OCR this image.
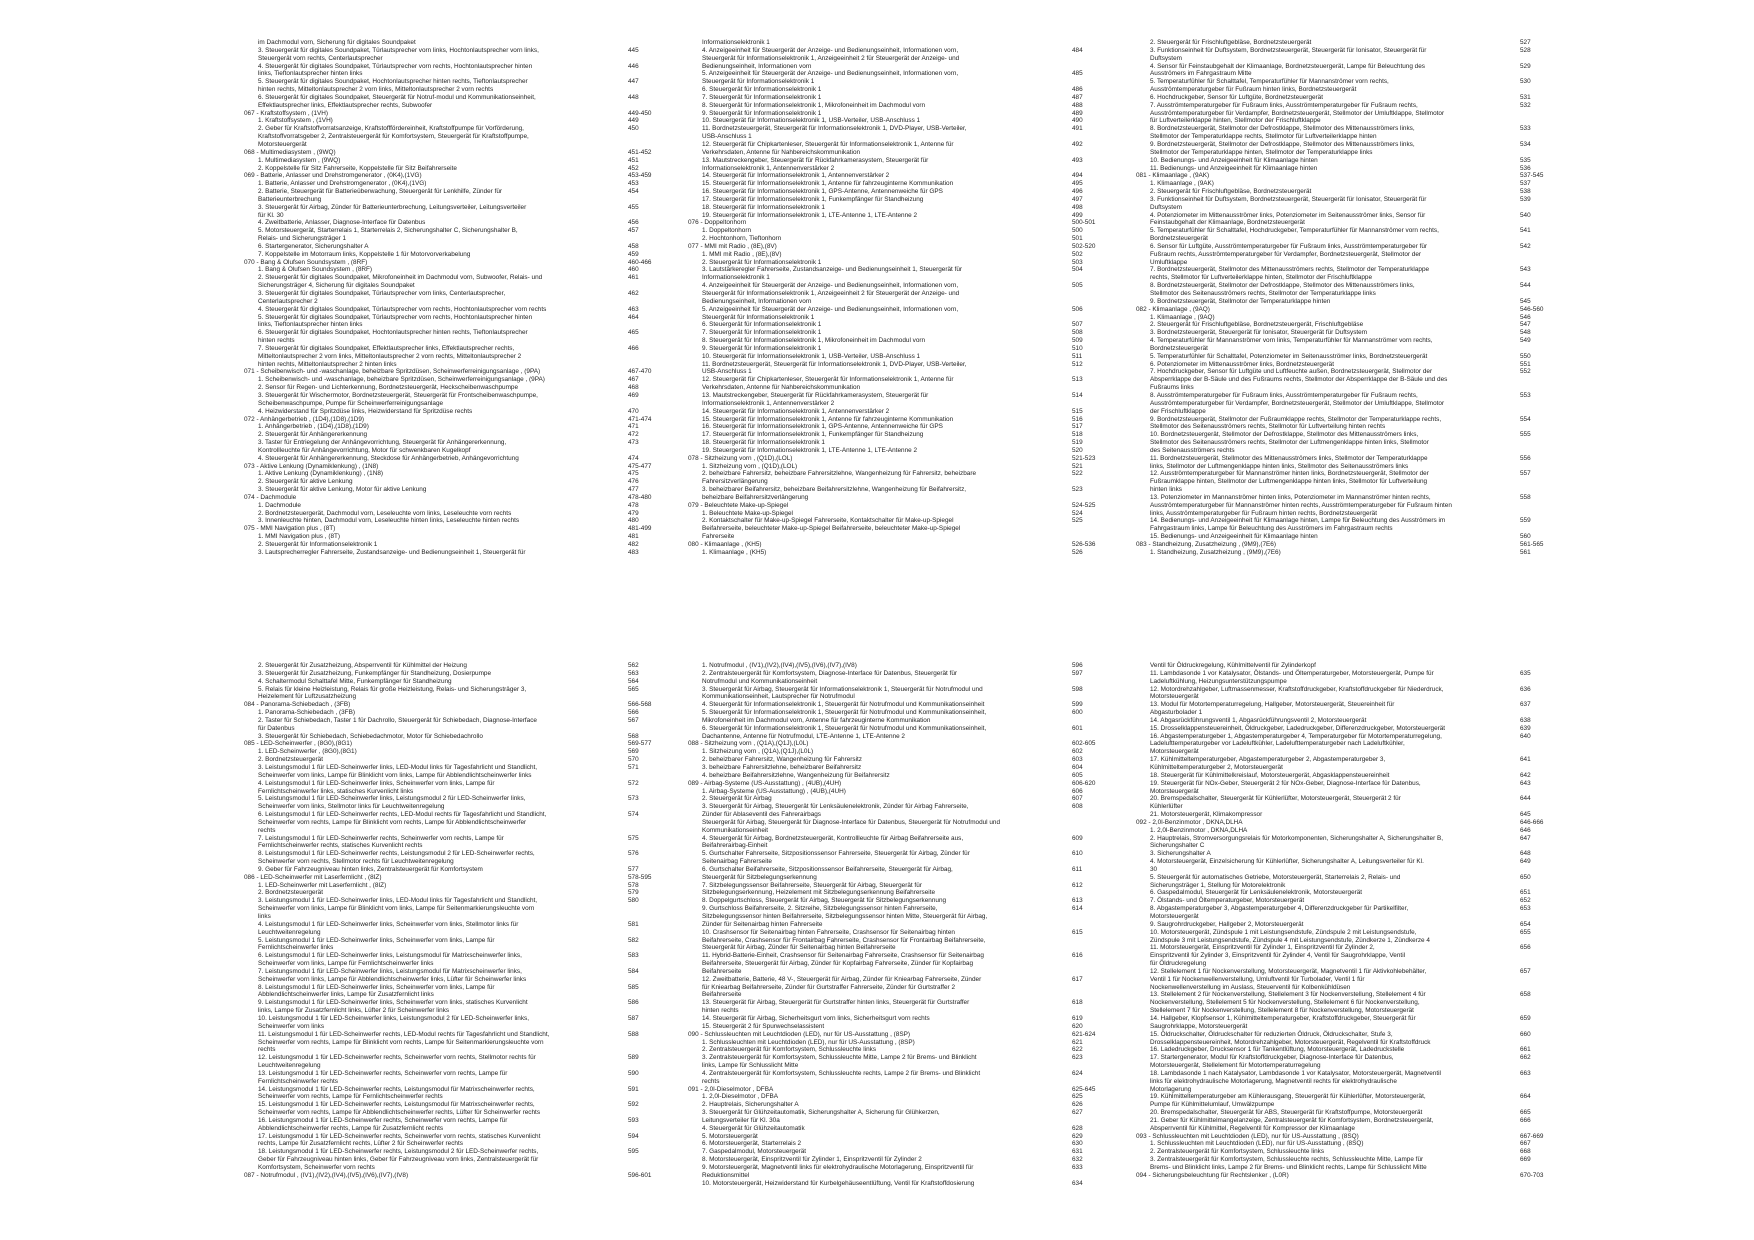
im Dachmodul vorn, Sicherung für digitales Soundpaket
3. Steuergerät für digitales Soundpaket, Türlautsprecher vorn links, Hochtonlautsprecher vorn links,	445
Steuergerät vorn rechts, Centerlautsprecher
4. Steuergerät für digitales Soundpaket, Türlautsprecher vorn rechts, Hochtonlautsprecher hinten	446
links, Tieftonlautsprecher hinten links
5. Steuergerät für digitales Soundpaket, Hochtonlautsprecher hinten rechts, Tieftonlautsprecher	447
hinten rechts, Mitteltonlautsprecher 2 vorn links, Mitteltonlautsprecher 2 vorn rechts
6. Steuergerät für digitales Soundpaket, Steuergerät für Notruf-modul und Kommunikationseinheit,	448
Effektlautsprecher links, Effektlautsprecher rechts, Subwoofer
067 - Kraftstoffsystem , (1VH)	449-450
1. Kraftstoffsystem , (1VH)	449
2. Geber für Kraftstoffvorratsanzeige, Kraftstofffördereinheit, Kraftstoffpumpe für Vorförderung,	450
Kraftstoffvorratsgeber 2, Zentralsteuergerät für Komfortsystem, Steuergerät für Kraftstoffpumpe,
Motorsteuergerät
068 - Multimediasystem , (9WQ)	451-452
1. Multimediasystem , (9WQ)	451
2. Koppelstelle für Sitz Fahrerseite, Koppelstelle für Sitz Beifahrerseite	452
069 - Batterie, Anlasser und Drehstromgenerator , (0K4),(1VG)	453-459
1. Batterie, Anlasser und Drehstromgenerator , (0K4),(1VG)	453
2. Batterie, Steuergerät für Batterieüberwachung, Steuergerät für Lenkhilfe, Zünder für	454
Batterieunterbrechung
3. Steuergerät für Airbag, Zünder für Batterieunterbrechung, Leitungsverteiler, Leitungsverteiler	455
für Kl. 30
4. Zweitbatterie, Anlasser, Diagnose-Interface für Datenbus	456
5. Motorsteuergerät, Starterrelais 1, Starterrelais 2, Sicherungshalter C, Sicherungshalter B,	457
Relais- und Sicherungsträger 1
6. Startergenerator, Sicherungshalter A	458
7. Koppelstelle im Motorraum links, Koppelstelle 1 für Motorvorverkabelung	459
070 - Bang & Olufsen Soundsystem , (8RF)	460-466
1. Bang & Olufsen Soundsystem , (8RF)	460
2. Steuergerät für digitales Soundpaket, Mikrofoneinheit im Dachmodul vorn, Subwoofer, Relais- und	461
Sicherungsträger 4, Sicherung für digitales Soundpaket
3. Steuergerät für digitales Soundpaket, Türlautsprecher vorn links, Centerlautsprecher,	462
Centerlautsprecher 2
4. Steuergerät für digitales Soundpaket, Türlautsprecher vorn rechts, Hochtonlautsprecher vorn rechts	463
5. Steuergerät für digitales Soundpaket, Türlautsprecher vorn rechts, Hochtonlautsprecher hinten	464
links, Tieftonlautsprecher hinten links
6. Steuergerät für digitales Soundpaket, Hochtonlautsprecher hinten rechts, Tieftonlautsprecher	465
hinten rechts
7. Steuergerät für digitales Soundpaket, Effektlautsprecher links, Effektlautsprecher rechts,	466
Mitteltonlautsprecher 2 vorn links, Mitteltonlautsprecher 2 vorn rechts, Mitteltonlautsprecher 2
hinten rechts, Mitteltonlautsprecher 2 hinten links
071 - Scheibenwisch- und -waschanlage, beheizbare Spritzdüsen, Scheinwerferreinigungsanlage , (9PA)	467-470
1. Scheibenwisch- und -waschanlage, beheizbare Spritzdüsen, Scheinwerferreinigungsanlage , (9PA)	467
2. Sensor für Regen- und Lichterkennung, Bordnetzsteuergerät, Heckscheibenwaschpumpe	468
3. Steuergerät für Wischermotor, Bordnetzsteuergerät, Steuergerät für Frontscheibenwaschpumpe,	469
Scheibenwaschpumpe, Pumpe für Scheinwerferreinigungsanlage
4. Heizwiderstand für Spritzdüse links, Heizwiderstand für Spritzdüse rechts	470
072 - Anhängerbetrieb , (1D4),(1D8),(1D9)	471-474
1. Anhängerbetrieb , (1D4),(1D8),(1D9)	471
2. Steuergerät für Anhängererkennung	472
3. Taster für Entriegelung der Anhängevorrichtung, Steuergerät für Anhängererkennung,	473
Kontrollleuchte für Anhängevorrichtung, Motor für schwenkbaren Kugelkopf
4. Steuergerät für Anhängererkennung, Steckdose für Anhängerbetrieb, Anhängevorrichtung	474
073 - Aktive Lenkung (Dynamiklenkung) , (1N8)	475-477
1. Aktive Lenkung (Dynamiklenkung) , (1N8)	475
2. Steuergerät für aktive Lenkung	476
3. Steuergerät für aktive Lenkung, Motor für aktive Lenkung	477
074 - Dachmodule	478-480
1. Dachmodule	478
2. Bordnetzsteuergerät, Dachmodul vorn, Leseleuchte vorn links, Leseleuchte vorn rechts	479
3. Innenleuchte hinten, Dachmodul vorn, Leseleuchte hinten links, Leseleuchte hinten rechts	480
075 - MMI Navigation plus , (8T)	481-499
1. MMI Navigation plus , (8T)	481
2. Steuergerät für Informationselektronik 1	482
3. Lautsprecherregler Fahrerseite, Zustandsanzeige- und Bedienungseinheit 1, Steuergerät für	483
Informationselektronik 1
4. Anzeigeeinheit für Steuergerät der Anzeige- und Bedienungseinheit, Informationen vorn,	484
Steuergerät für Informationselektronik 1, Anzeigeeinheit 2 für Steuergerät der Anzeige- und
Bedienungseinheit, Informationen vorn
5. Anzeigeeinheit für Steuergerät der Anzeige- und Bedienungseinheit, Informationen vorn,	485
Steuergerät für Informationselektronik 1
6. Steuergerät für Informationselektronik 1	486
7. Steuergerät für Informationselektronik 1	487
8. Steuergerät für Informationselektronik 1, Mikrofoneinheit im Dachmodul vorn	488
9. Steuergerät für Informationselektronik 1	489
10. Steuergerät für Informationselektronik 1, USB-Verteiler, USB-Anschluss 1	490
11. Bordnetzsteuergerät, Steuergerät für Informationselektronik 1, DVD-Player, USB-Verteiler,	491
USB-Anschluss 1
12. Steuergerät für Chipkartenleser, Steuergerät für Informationselektronik 1, Antenne für	492
Verkehrsdaten, Antenne für Nahbereichskommunikation
13. Mautstreckengeber, Steuergerät für Rückfahrkamerasystem, Steuergerät für	493
Informationselektronik 1, Antennenverstärker 2
14. Steuergerät für Informationselektronik 1, Antennenverstärker 2	494
15. Steuergerät für Informationselektronik 1, Antenne für fahrzeuginterne Kommunikation	495
16. Steuergerät für Informationselektronik 1, GPS-Antenne, Antennenweiche für GPS	496
17. Steuergerät für Informationselektronik 1, Funkempfänger für Standheizung	497
18. Steuergerät für Informationselektronik 1	498
19. Steuergerät für Informationselektronik 1, LTE-Antenne 1, LTE-Antenne 2	499
076 - Doppeltonhorn	500-501
1. Doppeltonhorn	500
2. Hochtonhorn, Tieftonhorn	501
077 - MMI mit Radio , (8E),(8V)	502-520
1. MMI mit Radio , (8E),(8V)	502
2. Steuergerät für Informationselektronik 1	503
3. Lautstärkeregler Fahrerseite, Zustandsanzeige- und Bedienungseinheit 1, Steuergerät für	504
Informationselektronik 1
4. Anzeigeeinheit für Steuergerät der Anzeige- und Bedienungseinheit, Informationen vorn,	505
Steuergerät für Informationselektronik 1, Anzeigeeinheit 2 für Steuergerät der Anzeige- und
Bedienungseinheit, Informationen vorn
5. Anzeigeeinheit für Steuergerät der Anzeige- und Bedienungseinheit, Informationen vorn,	506
Steuergerät für Informationselektronik 1
6. Steuergerät für Informationselektronik 1	507
7. Steuergerät für Informationselektronik 1	508
8. Steuergerät für Informationselektronik 1, Mikrofoneinheit im Dachmodul vorn	509
9. Steuergerät für Informationselektronik 1	510
10. Steuergerät für Informationselektronik 1, USB-Verteiler, USB-Anschluss 1	511
11. Bordnetzsteuergerät, Steuergerät für Informationselektronik 1, DVD-Player, USB-Verteiler,	512
USB-Anschluss 1
12. Steuergerät für Chipkartenleser, Steuergerät für Informationselektronik 1, Antenne für	513
Verkehrsdaten, Antenne für Nahbereichskommunikation
13. Mautstreckengeber, Steuergerät für Rückfahrkamerasystem, Steuergerät für	514
Informationselektronik 1, Antennenverstärker 2
14. Steuergerät für Informationselektronik 1, Antennenverstärker 2	515
15. Steuergerät für Informationselektronik 1, Antenne für fahrzeuginterne Kommunikation	516
16. Steuergerät für Informationselektronik 1, GPS-Antenne, Antennenweiche für GPS	517
17. Steuergerät für Informationselektronik 1, Funkempfänger für Standheizung	518
18. Steuergerät für Informationselektronik 1	519
19. Steuergerät für Informationselektronik 1, LTE-Antenne 1, LTE-Antenne 2	520
078 - Sitzheizung vorn , (Q1D),(LOL)	521-523
1. Sitzheizung vorn , (Q1D),(LOL)	521
2. beheizbare Fahrersitz, beheizbare Fahrersitzlehne, Wangenheizung für Fahrersitz, beheizbare	522
Fahrersitzverlängerung
3. beheizbarer Beifahrersitz, beheizbare Beifahrersitzlehne, Wangenheizung für Beifahrersitz,	523
beheizbare Beifahrersitzverlängerung
079 - Beleuchtete Make-up-Spiegel	524-525
1. Beleuchtete Make-up-Spiegel	524
2. Kontaktschalter für Make-up-Spiegel Fahrerseite, Kontaktschalter für Make-up-Spiegel	525
Beifahrerseite, beleuchteter Make-up-Spiegel Beifahrerseite, beleuchteter Make-up-Spiegel
Fahrerseite
080 - Klimaanlage , (KH5)	526-536
1. Klimaanlage , (KH5)	526
2. Steuergerät für Frischluftgebläse, Bordnetzsteuergerät	527
3. Funktionseinheit für Duftsystem, Bordnetzsteuergerät, Steuergerät für Ionisator, Steuergerät für	528
Duftsystem
4. Sensor für Feinstaubgehalt der Klimaanlage, Bordnetzsteuergerät, Lampe für Beleuchtung des	529
Ausströmers im Fahrgastraum Mitte
5. Temperaturfühler für Schalttafel, Temperaturfühler für Mannanströmer vorn rechts,	530
Ausströmtemperaturgeber für Fußraum hinten links, Bordnetzsteuergerät
6. Hochdruckgeber, Sensor für Luftgüte, Bordnetzsteuergerät	531
7. Ausströmtemperaturgeber für Fußraum links, Ausströmtemperaturgeber für Fußraum rechts,	532
Ausströmtemperaturgeber für Verdampfer, Bordnetzsteuergerät, Stellmotor der Umluftklappe, Stellmotor
für Luftverteilerklappe hinten, Stellmotor der Frischluftklappe
8. Bordnetzsteuergerät, Stellmotor der Defrostklappe, Stellmotor des Mittenausströmers links,	533
Stellmotor der Temperaturklappe rechts, Stellmotor für Luftverteilerklappe hinten
9. Bordnetzsteuergerät, Stellmotor der Defrostklappe, Stellmotor des Mittenausströmers links,	534
Stellmotor der Temperaturklappe hinten, Stellmotor der Temperaturklappe links
10. Bedienungs- und Anzeigeeinheit für Klimaanlage hinten	535
11. Bedienungs- und Anzeigeeinheit für Klimaanlage hinten	536
081 - Klimaanlage , (9AK)	537-545
1. Klimaanlage , (9AK)	537
2. Steuergerät für Frischluftgebläse, Bordnetzsteuergerät	538
3. Funktionseinheit für Duftsystem, Bordnetzsteuergerät, Steuergerät für Ionisator, Steuergerät für	539
Duftsystem
4. Potenziometer im Mittenausströmer links, Potenziometer im Seitenausströmer links, Sensor für	540
Feinstaubgehalt der Klimaanlage, Bordnetzsteuergerät
5. Temperaturfühler für Schalttafel, Hochdruckgeber, Temperaturfühler für Mannanströmer vorn rechts,	541
Bordnetzsteuergerät
6. Sensor für Luftgüte, Ausströmtemperaturgeber für Fußraum links, Ausströmtemperaturgeber für	542
Fußraum rechts, Ausströmtemperaturgeber für Verdampfer, Bordnetzsteuergerät, Stellmotor der
Umluftklappe
7. Bordnetzsteuergerät, Stellmotor des Mittenausströmers rechts, Stellmotor der Temperaturklappe	543
rechts, Stellmotor für Luftverteilerklappe hinten, Stellmotor der Frischluftklappe
8. Bordnetzsteuergerät, Stellmotor der Defrostklappe, Stellmotor des Mittenausströmers links,	544
Stellmotor des Seitenausströmers rechts, Stellmotor der Temperaturklappe links
9. Bordnetzsteuergerät, Stellmotor der Temperaturklappe hinten	545
082 - Klimaanlage , (9AQ)	546-560
1. Klimaanlage , (9AQ)	546
2. Steuergerät für Frischluftgebläse, Bordnetzsteuergerät, Frischluftgebläse	547
3. Bordnetzsteuergerät, Steuergerät für Ionisator, Steuergerät für Duftsystem	548
4. Temperaturfühler für Mannanströmer vorn links, Temperaturfühler für Mannanströmer vorn rechts,	549
Bordnetzsteuergerät
5. Temperaturfühler für Schalttafel, Potenziometer im Seitenausströmer links, Bordnetzsteuergerät	550
6. Potenziometer im Mittenausströmer links, Bordnetzsteuergerät	551
7. Hochdruckgeber, Sensor für Luftgüte und Luftfeuchte außen, Bordnetzsteuergerät, Stellmotor der	552
Absperrklappe der B-Säule und des Fußraums rechts, Stellmotor der Absperrklappe der B-Säule und des
Fußraums links
8. Ausströmtemperaturgeber für Fußraum links, Ausströmtemperaturgeber für Fußraum rechts,	553
Ausströmtemperaturgeber für Verdampfer, Bordnetzsteuergerät, Stellmotor der Umluftklappe, Stellmotor
der Frischluftklappe
9. Bordnetzsteuergerät, Stellmotor der Fußraumklappe rechts, Stellmotor der Temperaturklappe rechts,	554
Stellmotor des Seitenausströmers rechts, Stellmotor für Luftverteilung hinten rechts
10. Bordnetzsteuergerät, Stellmotor der Defrostklappe, Stellmotor des Mittenausströmers links,	555
Stellmotor des Seitenausströmers rechts, Stellmotor der Luftmengenklappe hinten links, Stellmotor
des Seitenausströmers rechts
11. Bordnetzsteuergerät, Stellmotor des Mittenausströmers links, Stellmotor der Temperaturklappe	556
links, Stellmotor der Luftmengenklappe hinten links, Stellmotor des Seitenausströmers links
12. Ausströmtemperaturgeber für Mannanströmer hinten links, Bordnetzsteuergerät, Stellmotor der	557
Fußraumklappe hinten, Stellmotor der Luftmengenklappe hinten links, Stellmotor für Luftverteilung
hinten links
13. Potenziometer im Mannanströmer hinten links, Potenziometer im Mannanströmer hinten rechts,	558
Ausströmtemperaturgeber für Mannanströmer hinten rechts, Ausströmtemperaturgeber für Fußraum hinten
links, Ausströmtemperaturgeber für Fußraum hinten rechts, Bordnetzsteuergerät
14. Bedienungs- und Anzeigeeinheit für Klimaanlage hinten, Lampe für Beleuchtung des Ausströmers im	559
Fahrgastraum links, Lampe für Beleuchtung des Ausströmers im Fahrgastraum rechts
15. Bedienungs- und Anzeigeeinheit für Klimaanlage hinten	560
083 - Standheizung, Zusatzheizung , (9M9),(7E6)	561-565
1. Standheizung, Zusatzheizung , (9M9),(7E6)	561
2. Steuergerät für Zusatzheizung, Absperrventil für Kühlmittel der Heizung	562
3. Steuergerät für Zusatzheizung, Funkempfänger für Standheizung, Dosierpumpe	563
4. Schaltermodul Schalttafel Mitte, Funkempfänger für Standheizung	564
5. Relais für kleine Heizleistung, Relais für große Heizleistung, Relais- und Sicherungsträger 3,	565
Heizelement für Luftzusatzheizung
084 - Panorama-Schiebedach , (3FB)	566-568
1. Panorama-Schiebedach , (3FB)	566
2. Taster für Schiebedach, Taster 1 für Dachrollo, Steuergerät für Schiebedach, Diagnose-Interface	567
für Datenbus
3. Steuergerät für Schiebedach, Schiebedachmotor, Motor für Schiebedachrollo	568
085 - LED-Scheinwerfer , (8G0),(8G1)	569-577
1. LED-Scheinwerfer , (8G0),(8G1)	569
2. Bordnetzsteuergerät	570
3. Leistungsmodul 1 für LED-Scheinwerfer links, LED-Modul links für Tagesfahrlicht und Standlicht,	571
Scheinwerfer vorn links, Lampe für Blinklicht vorn links, Lampe für Abblendlichtscheinwerfer links
4. Leistungsmodul 1 für LED-Scheinwerfer links, Scheinwerfer vorn links, Lampe für	572
Fernlichtscheinwerfer links, statisches Kurvenlicht links
5. Leistungsmodul 1 für LED-Scheinwerfer links, Leistungsmodul 2 für LED-Scheinwerfer links,	573
Scheinwerfer vorn links, Stellmotor links für Leuchtweitenregelung
6. Leistungsmodul 1 für LED-Scheinwerfer rechts, LED-Modul rechts für Tagesfahrlicht und Standlicht,	574
Scheinwerfer vorn rechts, Lampe für Blinklicht vorn rechts, Lampe für Abblendlichtscheinwerfer
rechts
7. Leistungsmodul 1 für LED-Scheinwerfer rechts, Scheinwerfer vorn rechts, Lampe für	575
Fernlichtscheinwerfer rechts, statisches Kurvenlicht rechts
8. Leistungsmodul 1 für LED-Scheinwerfer rechts, Leistungsmodul 2 für LED-Scheinwerfer rechts,	576
Scheinwerfer vorn rechts, Stellmotor rechts für Leuchtweitenregelung
9. Geber für Fahrzeugniveau hinten links, Zentralsteuergerät für Komfortsystem	577
086 - LED-Scheinwerfer mit Laserfernlicht , (8IZ)	578-595
1. LED-Scheinwerfer mit Laserfernlicht , (8IZ)	578
2. Bordnetzsteuergerät	579
3. Leistungsmodul 1 für LED-Scheinwerfer links, LED-Modul links für Tagesfahrlicht und Standlicht,	580
Scheinwerfer vorn links, Lampe für Blinklicht vorn links, Lampe für Seitenmarkierungsleuchte vorn
links
4. Leistungsmodul 1 für LED-Scheinwerfer links, Scheinwerfer vorn links, Stellmotor links für	581
Leuchtweitenregelung
5. Leistungsmodul 1 für LED-Scheinwerfer links, Scheinwerfer vorn links, Lampe für	582
Fernlichtscheinwerfer links
6. Leistungsmodul 1 für LED-Scheinwerfer links, Leistungsmodul für Matrixscheinwerfer links,	583
Scheinwerfer vorn links, Lampe für Fernlichtscheinwerfer links
7. Leistungsmodul 1 für LED-Scheinwerfer links, Leistungsmodul für Matrixscheinwerfer links,	584
Scheinwerfer vorn links, Lampe für Abblendlichtscheinwerfer links, Lüfter für Scheinwerfer links
8. Leistungsmodul 1 für LED-Scheinwerfer links, Scheinwerfer vorn links, Lampe für	585
Abblendlichtscheinwerfer links, Lampe für Zusatzfernlicht links
9. Leistungsmodul 1 für LED-Scheinwerfer links, Scheinwerfer vorn links, statisches Kurvenlicht	586
links, Lampe für Zusatzfernlicht links, Lüfter 2 für Scheinwerfer links
10. Leistungsmodul 1 für LED-Scheinwerfer links, Leistungsmodul 2 für LED-Scheinwerfer links,	587
Scheinwerfer vorn links
11. Leistungsmodul 1 für LED-Scheinwerfer rechts, LED-Modul rechts für Tagesfahrlicht und Standlicht,	588
Scheinwerfer vorn rechts, Lampe für Blinklicht vorn rechts, Lampe für Seitenmarkierungsleuchte vorn
rechts
12. Leistungsmodul 1 für LED-Scheinwerfer rechts, Scheinwerfer vorn rechts, Stellmotor rechts für	589
Leuchtweitenregelung
13. Leistungsmodul 1 für LED-Scheinwerfer rechts, Scheinwerfer vorn rechts, Lampe für	590
Fernlichtscheinwerfer rechts
14. Leistungsmodul 1 für LED-Scheinwerfer rechts, Leistungsmodul für Matrixscheinwerfer rechts,	591
Scheinwerfer vorn rechts, Lampe für Fernlichtscheinwerfer rechts
15. Leistungsmodul 1 für LED-Scheinwerfer rechts, Leistungsmodul für Matrixscheinwerfer rechts,	592
Scheinwerfer vorn rechts, Lampe für Abblendlichtscheinwerfer rechts, Lüfter für Scheinwerfer rechts
16. Leistungsmodul 1 für LED-Scheinwerfer rechts, Scheinwerfer vorn rechts, Lampe für	593
Abblendlichtscheinwerfer rechts, Lampe für Zusatzfernlicht rechts
17. Leistungsmodul 1 für LED-Scheinwerfer rechts, Scheinwerfer vorn rechts, statisches Kurvenlicht	594
rechts, Lampe für Zusatzfernlicht rechts, Lüfter 2 für Scheinwerfer rechts
18. Leistungsmodul 1 für LED-Scheinwerfer rechts, Leistungsmodul 2 für LED-Scheinwerfer rechts,	595
Geber für Fahrzeugniveau hinten links, Geber für Fahrzeugniveau vorn links, Zentralsteuergerät für
Komfortsystem, Scheinwerfer vorn rechts
087 - Notrufmodul , (IV1),(IV2),(IV4),(IV5),(IV6),(IV7),(IV8)	596-601
1. Notrufmodul , (IV1),(IV2),(IV4),(IV5),(IV6),(IV7),(IV8)	596
2. Zentralsteuergerät für Komfortsystem, Diagnose-Interface für Datenbus, Steuergerät für	597
Notrufmodul und Kommunikationseinheit
3. Steuergerät für Airbag, Steuergerät für Informationselektronik 1, Steuergerät für Notrufmodul und	598
Kommunikationseinheit, Lautsprecher für Notrufmodul
4. Steuergerät für Informationselektronik 1, Steuergerät für Notrufmodul und Kommunikationseinheit	599
5. Steuergerät für Informationselektronik 1, Steuergerät für Notrufmodul und Kommunikationseinheit,	600
Mikrofoneinheit im Dachmodul vorn, Antenne für fahrzeuginterne Kommunikation
6. Steuergerät für Informationselektronik 1, Steuergerät für Notrufmodul und Kommunikationseinheit,	601
Dachantenne, Antenne für Notrufmodul, LTE-Antenne 1, LTE-Antenne 2
088 - Sitzheizung vorn , (Q1A),(Q1J),(L0L)	602-605
1. Sitzheizung vorn , (Q1A),(Q1J),(L0L)	602
2. beheizbarer Fahrersitz, Wangenheizung für Fahrersitz	603
3. beheizbare Fahrersitzlehne, beheizbarer Beifahrersitz	604
4. beheizbare Beifahrersitzlehne, Wangenheizung für Beifahrersitz	605
089 - Airbag-Systeme (US-Ausstattung) , (4UB),(4UH)	606-620
1. Airbag-Systeme (US-Ausstattung) , (4UB),(4UH)	606
2. Steuergerät für Airbag	607
3. Steuergerät für Airbag, Steuergerät für Lenksäulenelektronik, Zünder für Airbag Fahrerseite,	608
Zünder für Ablaseventil des Fahrerairbags
Steuergerät für Airbag, Steuergerät für Diagnose-Interface für Datenbus, Steuergerät für Notrufmodul und
Kommunikationseinheit
4. Steuergerät für Airbag, Bordnetzsteuergerät, Kontrollleuchte für Airbag Beifahrerseite aus,	609
Beifahrerairbag-Einheit
5. Gurtschalter Fahrerseite, Sitzpositionssensor Fahrerseite, Steuergerät für Airbag, Zünder für	610
Seitenairbag Fahrerseite
6. Gurtschalter Beifahrerseite, Sitzpositionssensor Beifahrerseite, Steuergerät für Airbag,	611
Steuergerät für Sitzbelegungserkennung
7. Sitzbelegungssensor Beifahrerseite, Steuergerät für Airbag, Steuergerät für	612
Sitzbelegungserkennung, Heizelement mit Sitzbelegungserkennung Beifahrerseite
8. Doppelgurtschloss, Steuergerät für Airbag, Steuergerät für Sitzbelegungserkennung	613
9. Gurtschloss Beifahrerseite, 2. Sitzreihe, Sitzbelegungssensor hinten Fahrerseite,	614
Sitzbelegungssensor hinten Beifahrerseite, Sitzbelegungssensor hinten Mitte, Steuergerät für Airbag,
Zünder für Seitenairbag hinten Fahrerseite
10. Crashsensor für Seitenairbag hinten Fahrerseite, Crashsensor für Seitenairbag hinten	615
Beifahrerseite, Crashsensor für Frontairbag Fahrerseite, Crashsensor für Frontairbag Beifahrerseite,
Steuergerät für Airbag, Zünder für Seitenairbag hinten Beifahrerseite
11. Hybrid-Batterie-Einheit, Crashsensor für Seitenairbag Fahrerseite, Crashsensor für Seitenairbag	616
Beifahrerseite, Steuergerät für Airbag, Zünder für Kopfairbag Fahrerseite, Zünder für Kopfairbag
Beifahrerseite
12. Zweitbatterie, Batterie, 48 V-, Steuergerät für Airbag, Zünder für Kniearbag Fahrerseite, Zünder	617
für Kniearbag Beifahrerseite, Zünder für Gurtstraffer Fahrerseite, Zünder für Gurtstraffer 2
Beifahrerseite
13. Steuergerät für Airbag, Steuergerät für Gurtstraffer hinten links, Steuergerät für Gurtstraffer	618
hinten rechts
14. Steuergerät für Airbag, Sicherheitsgurt vorn links, Sicherheitsgurt vorn rechts	619
15. Steuergerät 2 für Spurwechselassistent	620
090 - Schlussleuchten mit Leuchtdioden (LED), nur für US-Ausstattung , (8SP)	621-624
1. Schlussleuchten mit Leuchtdioden (LED), nur für US-Ausstattung , (8SP)	621
2. Zentralsteuergerät für Komfortsystem, Schlussleuchte links	622
3. Zentralsteuergerät für Komfortsystem, Schlussleuchte Mitte, Lampe 2 für Brems- und Blinklicht	623
links, Lampe für Schlusslicht Mitte
4. Zentralsteuergerät für Komfortsystem, Schlussleuchte rechts, Lampe 2 für Brems- und Blinklicht	624
rechts
091 - 2,0l-Dieselmotor , DFBA	625-645
1. 2,0l-Dieselmotor , DFBA	625
2. Hauptrelais, Sicherungshalter A	626
3. Steuergerät für Glühzeitautomatik, Sicherungshalter A, Sicherung für Glühkerzen,	627
Leitungsverteiler für Kl. 30a
4. Steuergerät für Glühzeitautomatik	628
5. Motorsteuergerät	629
6. Motorsteuergerät, Starterrelais 2	630
7. Gaspedalmodul, Motorsteuergerät	631
8. Motorsteuergerät, Einspritzventil für Zylinder 1, Einspritzventil für Zylinder 2	632
9. Motorsteuergerät, Magnetventil links für elektrohydraulische Motorlagerung, Einspritzventil für	633
Reduktionsmittel
10. Motorsteuergerät, Heizwiderstand für Kurbelgehäuseentlüftung, Ventil für Kraftstoffdosierung	634
Ventil für Öldruckregelung, Kühlmittelventil für Zylinderkopf
11. Lambdasonde 1 vor Katalysator, Ölstands- und Öltemperaturgeber, Motorsteuergerät, Pumpe für	635
Ladeluftkühlung, Heizungsunterstützungspumpe
12. Motordrehzahlgeber, Luftmassenmesser, Kraftstoffdruckgeber, Kraftstoffdruckgeber für Niederdruck,	636
Motorsteuergerät
13. Modul für Motortemperaturregelung, Hallgeber, Motorsteuergerät, Steuereinheit für	637
Abgasturbolader 1
14. Abgasrückführungsventil 1, Abgasrückführungsventil 2, Motorsteuergerät	638
15. Drosselklappensteuereinheit, Öldruckgeber, Ladedruckgeber, Differenzdruckgeber, Motorsteuergerät	639
16. Abgastemperaturgeber 1, Abgastemperaturgeber 4, Temperaturgeber für Motortemperaturregelung,	640
Ladelufttemperaturgeber vor Ladeluftkühler, Ladelufttemperaturgeber nach Ladeluftkühler,
Motorsteuergerät
17. Kühlmitteltemperaturgeber, Abgastemperaturgeber 2, Abgastemperaturgeber 3,	641
Kühlmitteltemperaturgeber 2, Motorsteuergerät
18. Steuergerät für Kühlmittelkreislauf, Motorsteuergerät, Abgasklappensteuereinheit	642
19. Steuergerät für NOx-Geber, Steuergerät 2 für NOx-Geber, Diagnose-Interface für Datenbus,	643
Motorsteuergerät
20. Bremspedalschalter, Steuergerät für Kühlerlüfter, Motorsteuergerät, Steuergerät 2 für	644
Kühlerlüfter
21. Motorsteuergerät, Klimakompressor	645
092 - 2,0l-Benzinmotor , DKNA,DLHA	646-666
1. 2,0l-Benzinmotor , DKNA,DLHA	646
2. Hauptrelais, Stromversorgungsrelais für Motorkomponenten, Sicherungshalter A, Sicherungshalter B,	647
Sicherungshalter C
3. Sicherungshalter A	648
4. Motorsteuergerät, Einzelsicherung für Kühlerlüfter, Sicherungshalter A, Leitungsverteiler für Kl.	649
30
5. Steuergerät für automatisches Getriebe, Motorsteuergerät, Starterrelais 2, Relais- und	650
Sicherungsträger 1, Stellung für Motorelektronik
6. Gaspedalmodul, Steuergerät für Lenksäulenelektronik, Motorsteuergerät	651
7. Ölstands- und Öltemperaturgeber, Motorsteuergerät	652
8. Abgastemperaturgeber 3, Abgastemperaturgeber 4, Differenzdruckgeber für Partikelfilter,	653
Motorsteuergerät
9. Saugrohrdruckgeber, Hallgeber 2, Motorsteuergerät	654
10. Motorsteuergerät, Zündspule 1 mit Leistungsendstufe, Zündspule 2 mit Leistungsendstufe,	655
Zündspule 3 mit Leistungsendstufe, Zündspule 4 mit Leistungsendstufe, Zündkerze 1, Zündkerze 4
11. Motorsteuergerät, Einspritzventil für Zylinder 1, Einspritzventil für Zylinder 2,	656
Einspritzventil für Zylinder 3, Einspritzventil für Zylinder 4, Ventil für Saugrohrklappe, Ventil
für Öldruckregelung
12. Stellelement 1 für Nockenverstellung, Motorsteuergerät, Magnetventil 1 für Aktivkohlebehälter,	657
Ventil 1 für Nockenwellenverstellung, Umluftventil für Turbolader, Ventil 1 für
Nockenwellenverstellung im Auslass, Steuerventil für Kolbenkühldüsen
13. Stellelement 2 für Nockenverstellung, Stellelement 3 für Nockenverstellung, Stellelement 4 für	658
Nockenverstellung, Stellelement 5 für Nockenverstellung, Stellelement 6 für Nockenverstellung,
Stellelement 7 für Nockenverstellung, Stellelement 8 für Nockenverstellung, Motorsteuergerät
14. Hallgeber, Klopfsensor 1, Kühlmitteltemperaturgeber, Kraftstoffdruckgeber, Steuergerät für	659
Saugrohrklappe, Motorsteuergerät
15. Öldruckschalter, Öldruckschalter für reduzierten Öldruck, Öldruckschalter, Stufe 3,	660
Drosselklappensteuereinheit, Motordrehzahlgeber, Motorsteuergerät, Regelventil für Kraftstoffdruck
16. Ladedruckgeber, Drucksensor 1 für Tankentlüftung, Motorsteuergerät, Ladedruckstelle	661
17. Startergenerator, Modul für Kraftstoffdruckgeber, Diagnose-Interface für Datenbus,	662
Motorsteuergerät, Stellelement für Motortemperaturregelung
18. Lambdasonde 1 nach Katalysator, Lambdasonde 1 vor Katalysator, Motorsteuergerät, Magnetventil	663
links für elektrohydraulische Motorlagerung, Magnetventil rechts für elektrohydraulische
Motorlagerung
19. Kühlmitteltemperaturgeber am Kühlerausgang, Steuergerät für Kühlerlüfter, Motorsteuergerät,	664
Pumpe für Kühlmittelumlauf, Umwälzpumpe
20. Bremspedalschalter, Steuergerät für ABS, Steuergerät für Kraftstoffpumpe, Motorsteuergerät	665
21. Geber für Kühlmittelmangelanzeige, Zentralsteuergerät für Komfortsystem, Bordnetzsteuergerät,	666
Absperrventil für Kühlmittel, Regelventil für Kompressor der Klimaanlage
093 - Schlussleuchten mit Leuchtdioden (LED), nur für US-Ausstattung , (8SQ)	667-669
1. Schlussleuchten mit Leuchtdioden (LED), nur für US-Ausstattung , (8SQ)	667
2. Zentralsteuergerät für Komfortsystem, Schlussleuchte links	668
3. Zentralsteuergerät für Komfortsystem, Schlussleuchte rechts, Schlussleuchte Mitte, Lampe für	669
Brems- und Blinklicht links, Lampe 2 für Brems- und Blinklicht rechts, Lampe für Schlusslicht Mitte
094 - Sicherungsbeleuchtung für Rechtslenker , (L0R)	670-703
